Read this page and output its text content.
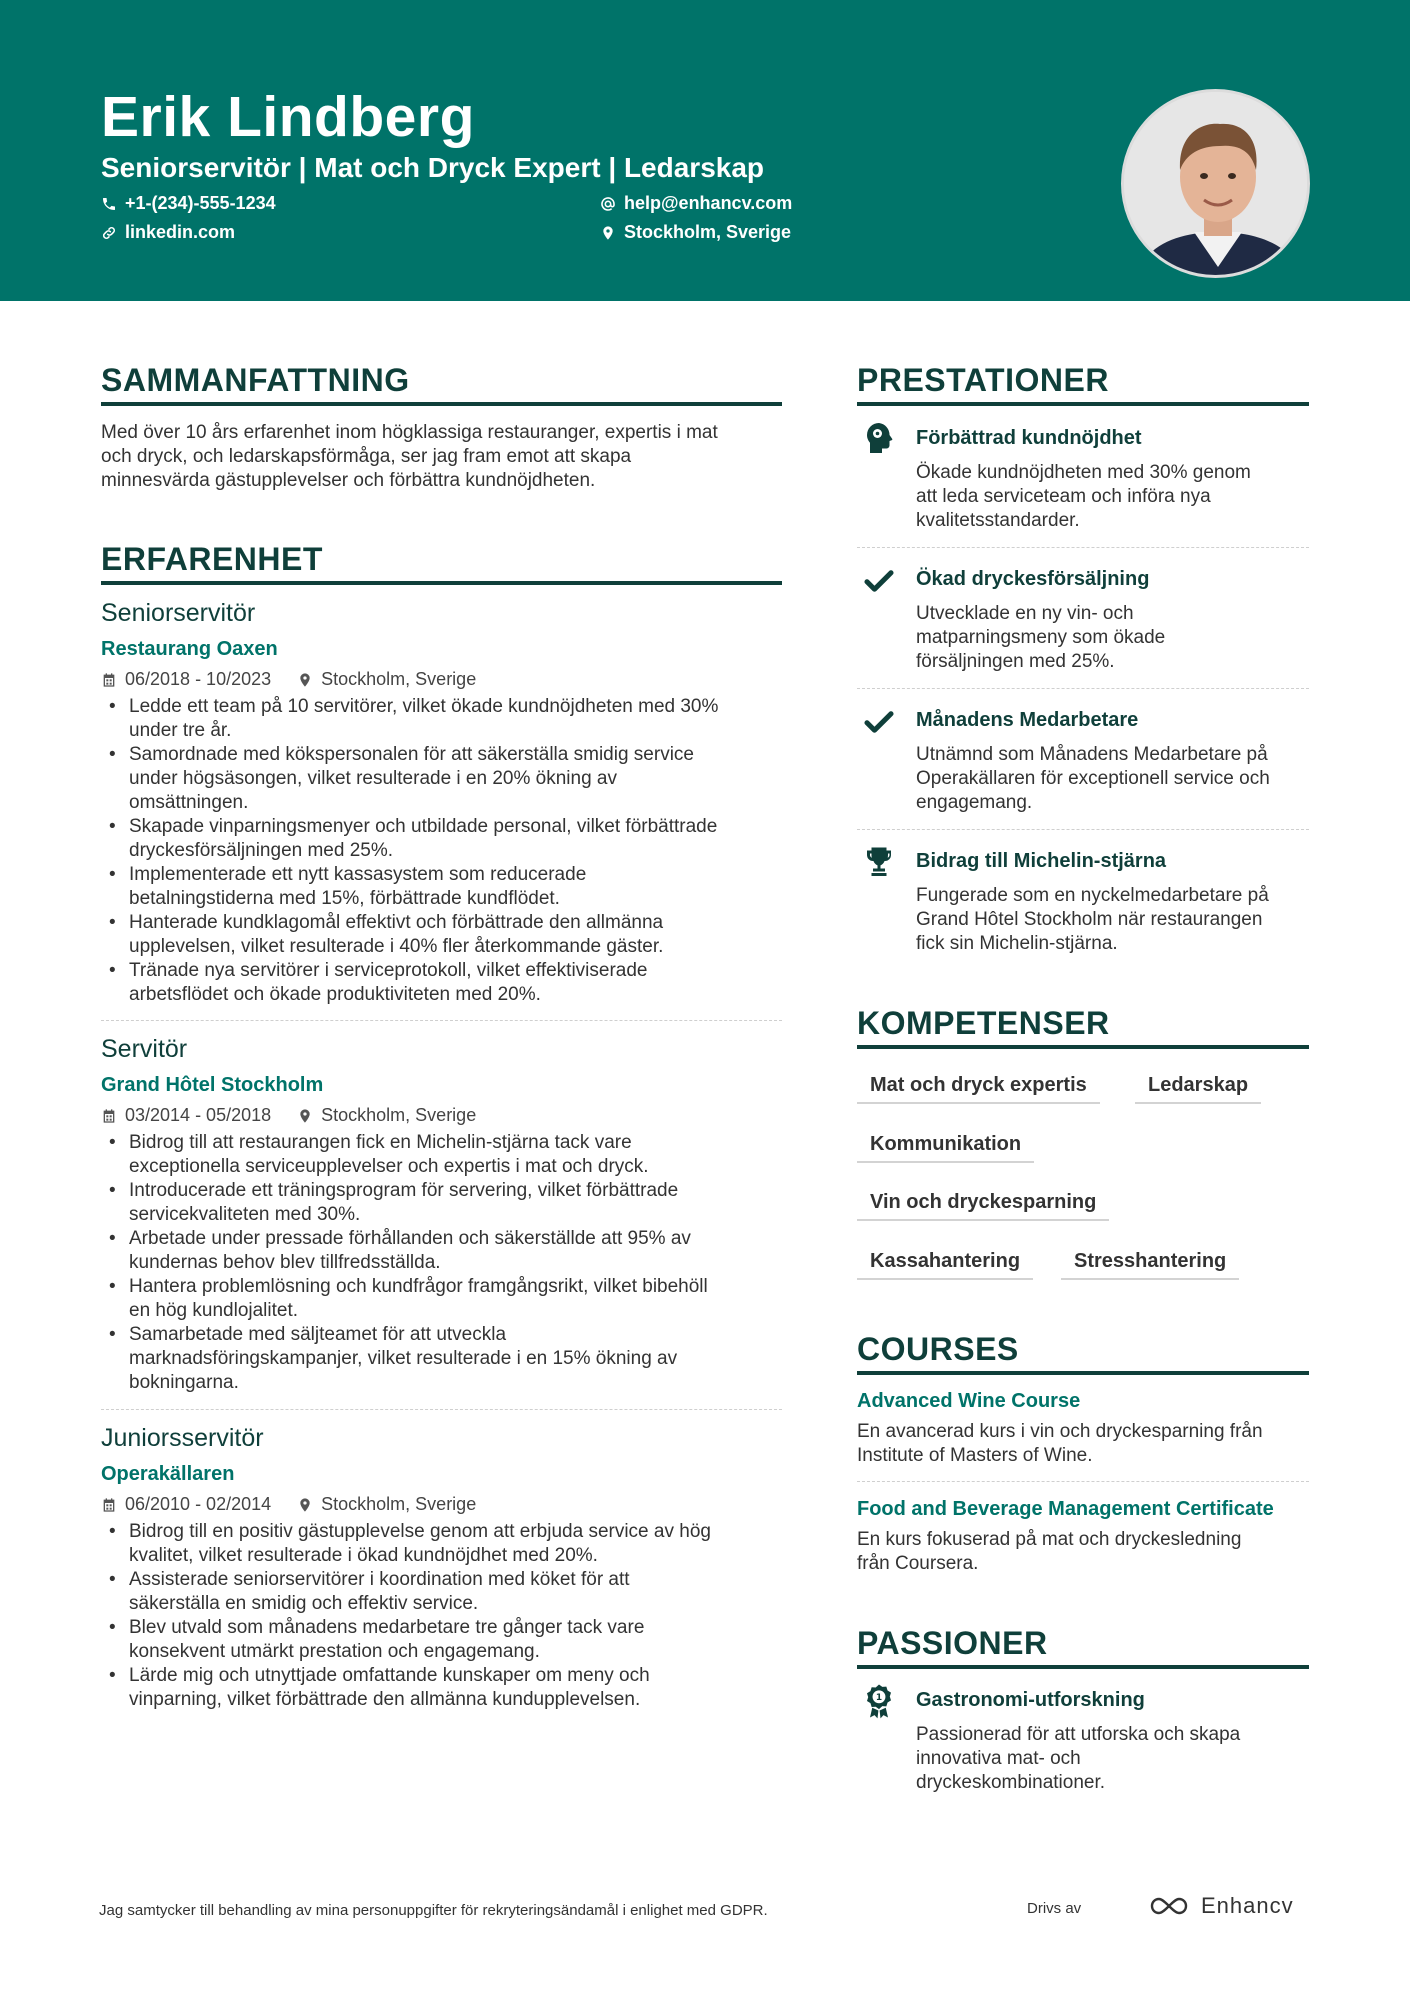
Erik Lindberg
Seniorservitör | Mat och Dryck Expert | Ledarskap
+1-(234)-555-1234	help@enhancv.com
linkedin.com	Stockholm, Sverige
SAMMANFATTNING
Med över 10 års erfarenhet inom högklassiga restauranger, expertis i mat
och dryck, och ledarskapsförmåga, ser jag fram emot att skapa
minnesvärda gästupplevelser och förbättra kundnöjdheten.
ERFARENHET
Seniorservitör
Restaurang Oaxen
06/2018 - 10/2023	Stockholm, Sverige
• Ledde ett team på 10 servitörer, vilket ökade kundnöjdheten med 30%
under tre år.
• Samordnade med kökspersonalen för att säkerställa smidig service
under högsäsongen, vilket resulterade i en 20% ökning av
omsättningen.
• Skapade vinparningsmenyer och utbildade personal, vilket förbättrade
dryckesförsäljningen med 25%.
• Implementerade ett nytt kassasystem som reducerade
betalningstiderna med 15%, förbättrade kundflödet.
• Hanterade kundklagomål effektivt och förbättrade den allmänna
upplevelsen, vilket resulterade i 40% fler återkommande gäster.
• Tränade nya servitörer i serviceprotokoll, vilket effektiviserade
arbetsflödet och ökade produktiviteten med 20%.
Servitör
Grand Hôtel Stockholm
03/2014 - 05/2018	Stockholm, Sverige
• Bidrog till att restaurangen fick en Michelin-stjärna tack vare
exceptionella serviceupplevelser och expertis i mat och dryck.
• Introducerade ett träningsprogram för servering, vilket förbättrade
servicekvaliteten med 30%.
• Arbetade under pressade förhållanden och säkerställde att 95% av
kundernas behov blev tillfredsställda.
• Hantera problemlösning och kundfrågor framgångsrikt, vilket bibehöll
en hög kundlojalitet.
• Samarbetade med säljteamet för att utveckla
marknadsföringskampanjer, vilket resulterade i en 15% ökning av
bokningarna.
Juniorsservitör
Operakällaren
06/2010 - 02/2014	Stockholm, Sverige
• Bidrog till en positiv gästupplevelse genom att erbjuda service av hög
kvalitet, vilket resulterade i ökad kundnöjdhet med 20%.
• Assisterade seniorservitörer i koordination med köket för att
säkerställa en smidig och effektiv service.
• Blev utvald som månadens medarbetare tre gånger tack vare
konsekvent utmärkt prestation och engagemang.
• Lärde mig och utnyttjade omfattande kunskaper om meny och
vinparning, vilket förbättrade den allmänna kundupplevelsen.
PRESTATIONER
Förbättrad kundnöjdhet
Ökade kundnöjdheten med 30% genom
att leda serviceteam och införa nya
kvalitetsstandarder.
Ökad dryckesförsäljning
Utvecklade en ny vin- och
matparningsmeny som ökade
försäljningen med 25%.
Månadens Medarbetare
Utnämnd som Månadens Medarbetare på
Operakällaren för exceptionell service och
engagemang.
Bidrag till Michelin-stjärna
Fungerade som en nyckelmedarbetare på
Grand Hôtel Stockholm när restaurangen
fick sin Michelin-stjärna.
KOMPETENSER
Mat och dryck expertis	Ledarskap
Kommunikation
Vin och dryckesparning
Kassahantering	Stresshantering
COURSES
Advanced Wine Course
En avancerad kurs i vin och dryckesparning från
Institute of Masters of Wine.
Food and Beverage Management Certificate
En kurs fokuserad på mat och dryckesledning
från Coursera.
PASSIONER
1 Gastronomi-utforskning
Passionerad för att utforska och skapa
innovativa mat- och
dryckeskombinationer.
Jag samtycker till behandling av mina personuppgifter för rekryteringsändamål i enlighet med GDPR.	Drivs av	Enhancv
